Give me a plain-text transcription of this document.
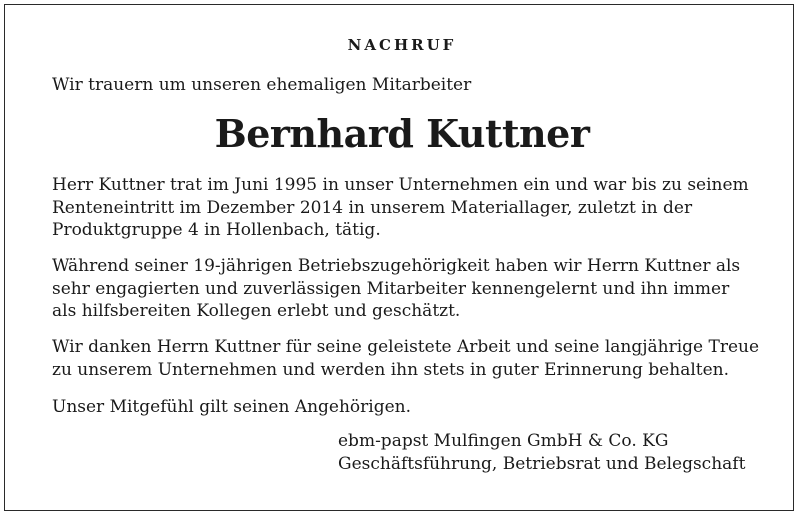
NACHRUF
Wir trauern um unseren ehemaligen Mitarbeiter
Bernhard Kuttner

Herr Kuttner trat im Juni 1995 in unser Unternehmen ein und war bis zu seinem
Renteneintritt im Dezember 2014 in unserem Materiallager, zuletzt in der
Produktgruppe 4 in Hollenbach, tätig.

Während seiner 19-jährigen Betriebszugehörigkeit haben wir Herrn Kuttner als
sehr engagierten und zuverlässigen Mitarbeiter kennengelernt und ihn immer
als hilfsbereiten Kollegen erlebt und geschätzt.

Wir danken Herrn Kuttner für seine geleistete Arbeit und seine langjährige Treue
zu unserem Unternehmen und werden ihn stets in guter Erinnerung behalten.

Unser Mitgefühl gilt seinen Angehörigen.

ebm-papst Mulfingen GmbH & Co. KG
Geschäftsführung, Betriebsrat und Belegschaft
